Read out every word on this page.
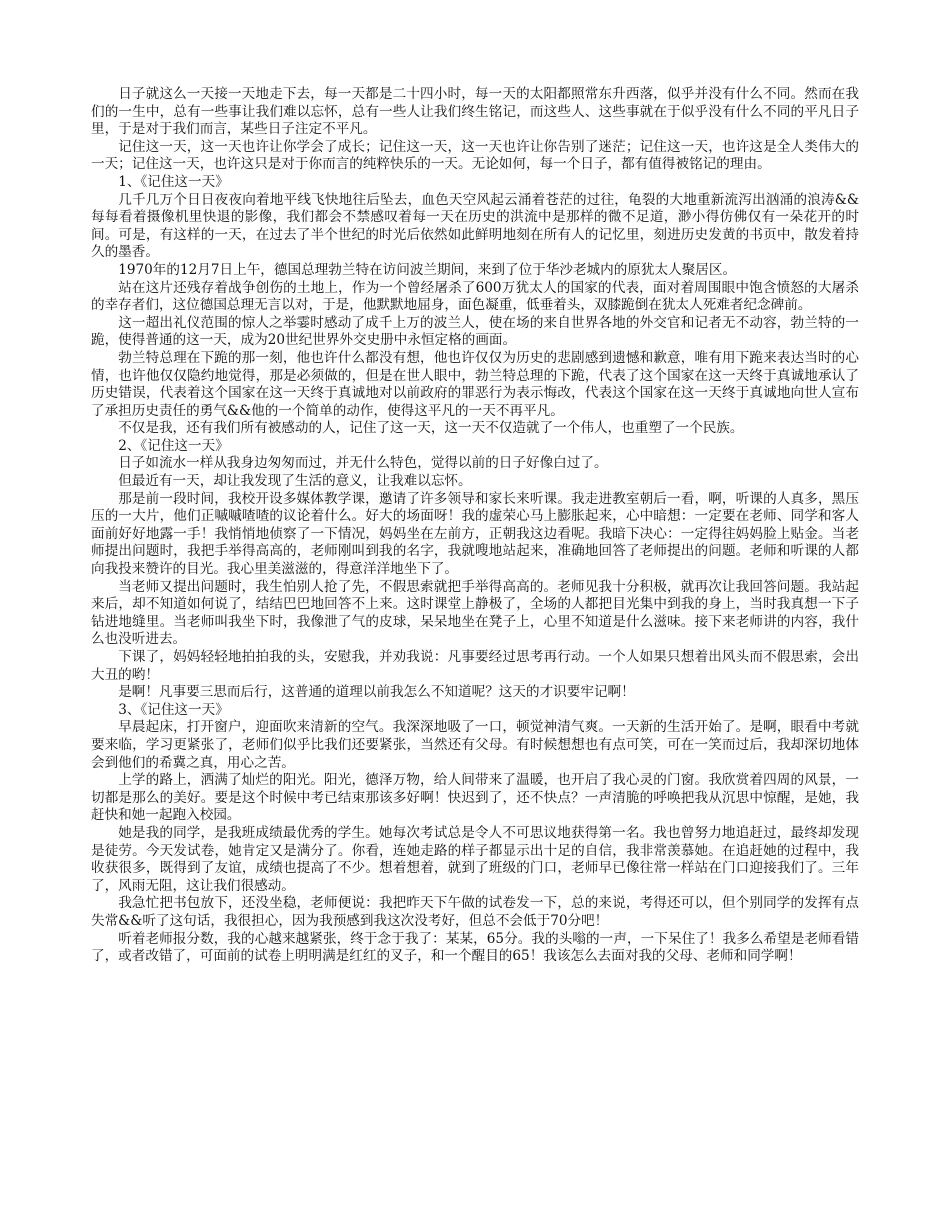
日子就这么一天接一天地走下去，每一天都是二十四小时，每一天的太阳都照常东升西落，似乎并没有什么不同。然而在我们的一生中，总有一些事让我们难以忘怀，总有一些人让我们终生铭记，而这些人、这些事就在于似乎没有什么不同的平凡日子里，于是对于我们而言，某些日子注定不平凡。

记住这一天，这一天也许让你学会了成长；记住这一天，这一天也许让你告别了迷茫；记住这一天，也许这是全人类伟大的一天；记住这一天，也许这只是对于你而言的纯粹快乐的一天。无论如何，每一个日子，都有值得被铭记的理由。

1、《记住这一天》

几千几万个日日夜夜向着地平线飞快地往后坠去，血色天空风起云涌着苍茫的过往，龟裂的大地重新流泻出汹涌的浪涛&&每每看着摄像机里快退的影像，我们都会不禁感叹着每一天在历史的洪流中是那样的微不足道，渺小得仿佛仅有一朵花开的时间。可是，有这样的一天，在过去了半个世纪的时光后依然如此鲜明地刻在所有人的记忆里，刻进历史发黄的书页中，散发着持久的墨香。

1970年的12月7日上午，德国总理勃兰特在访问波兰期间，来到了位于华沙老城内的原犹太人聚居区。

站在这片还残存着战争创伤的土地上，作为一个曾经屠杀了600万犹太人的国家的代表，面对着周围眼中饱含愤怒的大屠杀的幸存者们，这位德国总理无言以对，于是，他默默地屈身，面色凝重，低垂着头，双膝跪倒在犹太人死难者纪念碑前。

这一超出礼仪范围的惊人之举霎时感动了成千上万的波兰人，使在场的来自世界各地的外交官和记者无不动容，勃兰特的一跪，使得普通的这一天，成为20世纪世界外交史册中永恒定格的画面。

勃兰特总理在下跪的那一刻，他也许什么都没有想，他也许仅仅为历史的悲剧感到遗憾和歉意，唯有用下跪来表达当时的心情，也许他仅仅隐约地觉得，那是必须做的，但是在世人眼中，勃兰特总理的下跪，代表了这个国家在这一天终于真诚地承认了历史错误，代表着这个国家在这一天终于真诚地对以前政府的罪恶行为表示悔改，代表这个国家在这一天终于真诚地向世人宣布了承担历史责任的勇气&&他的一个简单的动作，使得这平凡的一天不再平凡。

不仅是我，还有我们所有被感动的人，记住了这一天，这一天不仅造就了一个伟人，也重塑了一个民族。

2、《记住这一天》

日子如流水一样从我身边匆匆而过，并无什么特色，觉得以前的日子好像白过了。

但最近有一天，却让我发现了生活的意义，让我难以忘怀。

那是前一段时间，我校开设多媒体教学课，邀请了许多领导和家长来听课。我走进教室朝后一看，啊，听课的人真多，黑压压的一大片，他们正嘁嘁喳喳的议论着什么。好大的场面呀！我的虚荣心马上膨胀起来，心中暗想：一定要在老师、同学和客人面前好好地露一手！我悄悄地侦察了一下情况，妈妈坐在左前方，正朝我这边看呢。我暗下决心：一定得往妈妈脸上贴金。当老师提出问题时，我把手举得高高的，老师刚叫到我的名字，我就嗖地站起来，准确地回答了老师提出的问题。老师和听课的人都向我投来赞许的目光。我心里美滋滋的，得意洋洋地坐下了。

当老师又提出问题时，我生怕别人抢了先，不假思索就把手举得高高的。老师见我十分积极，就再次让我回答问题。我站起来后，却不知道如何说了，结结巴巴地回答不上来。这时课堂上静极了，全场的人都把目光集中到我的身上，当时我真想一下子钻进地缝里。当老师叫我坐下时，我像泄了气的皮球，呆呆地坐在凳子上，心里不知道是什么滋味。接下来老师讲的内容，我什么也没听进去。

下课了，妈妈轻轻地拍拍我的头，安慰我，并劝我说：凡事要经过思考再行动。一个人如果只想着出风头而不假思索，会出大丑的哟！

是啊！凡事要三思而后行，这普通的道理以前我怎么不知道呢？这天的才识要牢记啊！

3、《记住这一天》

早晨起床，打开窗户，迎面吹来清新的空气。我深深地吸了一口，顿觉神清气爽。一天新的生活开始了。是啊，眼看中考就要来临，学习更紧张了，老师们似乎比我们还要紧张，当然还有父母。有时候想想也有点可笑，可在一笑而过后，我却深切地体会到他们的希冀之真，用心之苦。

上学的路上，洒满了灿烂的阳光。阳光，德泽万物，给人间带来了温暖，也开启了我心灵的门窗。我欣赏着四周的风景，一切都是那么的美好。要是这个时候中考已结束那该多好啊！快迟到了，还不快点？一声清脆的呼唤把我从沉思中惊醒，是她，我赶快和她一起跑入校园。

她是我的同学，是我班成绩最优秀的学生。她每次考试总是令人不可思议地获得第一名。我也曾努力地追赶过，最终却发现是徒劳。今天发试卷，她肯定又是满分了。你看，连她走路的样子都显示出十足的自信，我非常羡慕她。在追赶她的过程中，我收获很多，既得到了友谊，成绩也提高了不少。想着想着，就到了班级的门口，老师早已像往常一样站在门口迎接我们了。三年了，风雨无阻，这让我们很感动。

我急忙把书包放下，还没坐稳，老师便说：我把昨天下午做的试卷发一下，总的来说，考得还可以，但个别同学的发挥有点失常&&听了这句话，我很担心，因为我预感到我这次没考好，但总不会低于70分吧！

听着老师报分数，我的心越来越紧张，终于念于我了：某某，65分。我的头嗡的一声，一下呆住了！我多么希望是老师看错了，或者改错了，可面前的试卷上明明满是红红的叉子，和一个醒目的65！我该怎么去面对我的父母、老师和同学啊！
